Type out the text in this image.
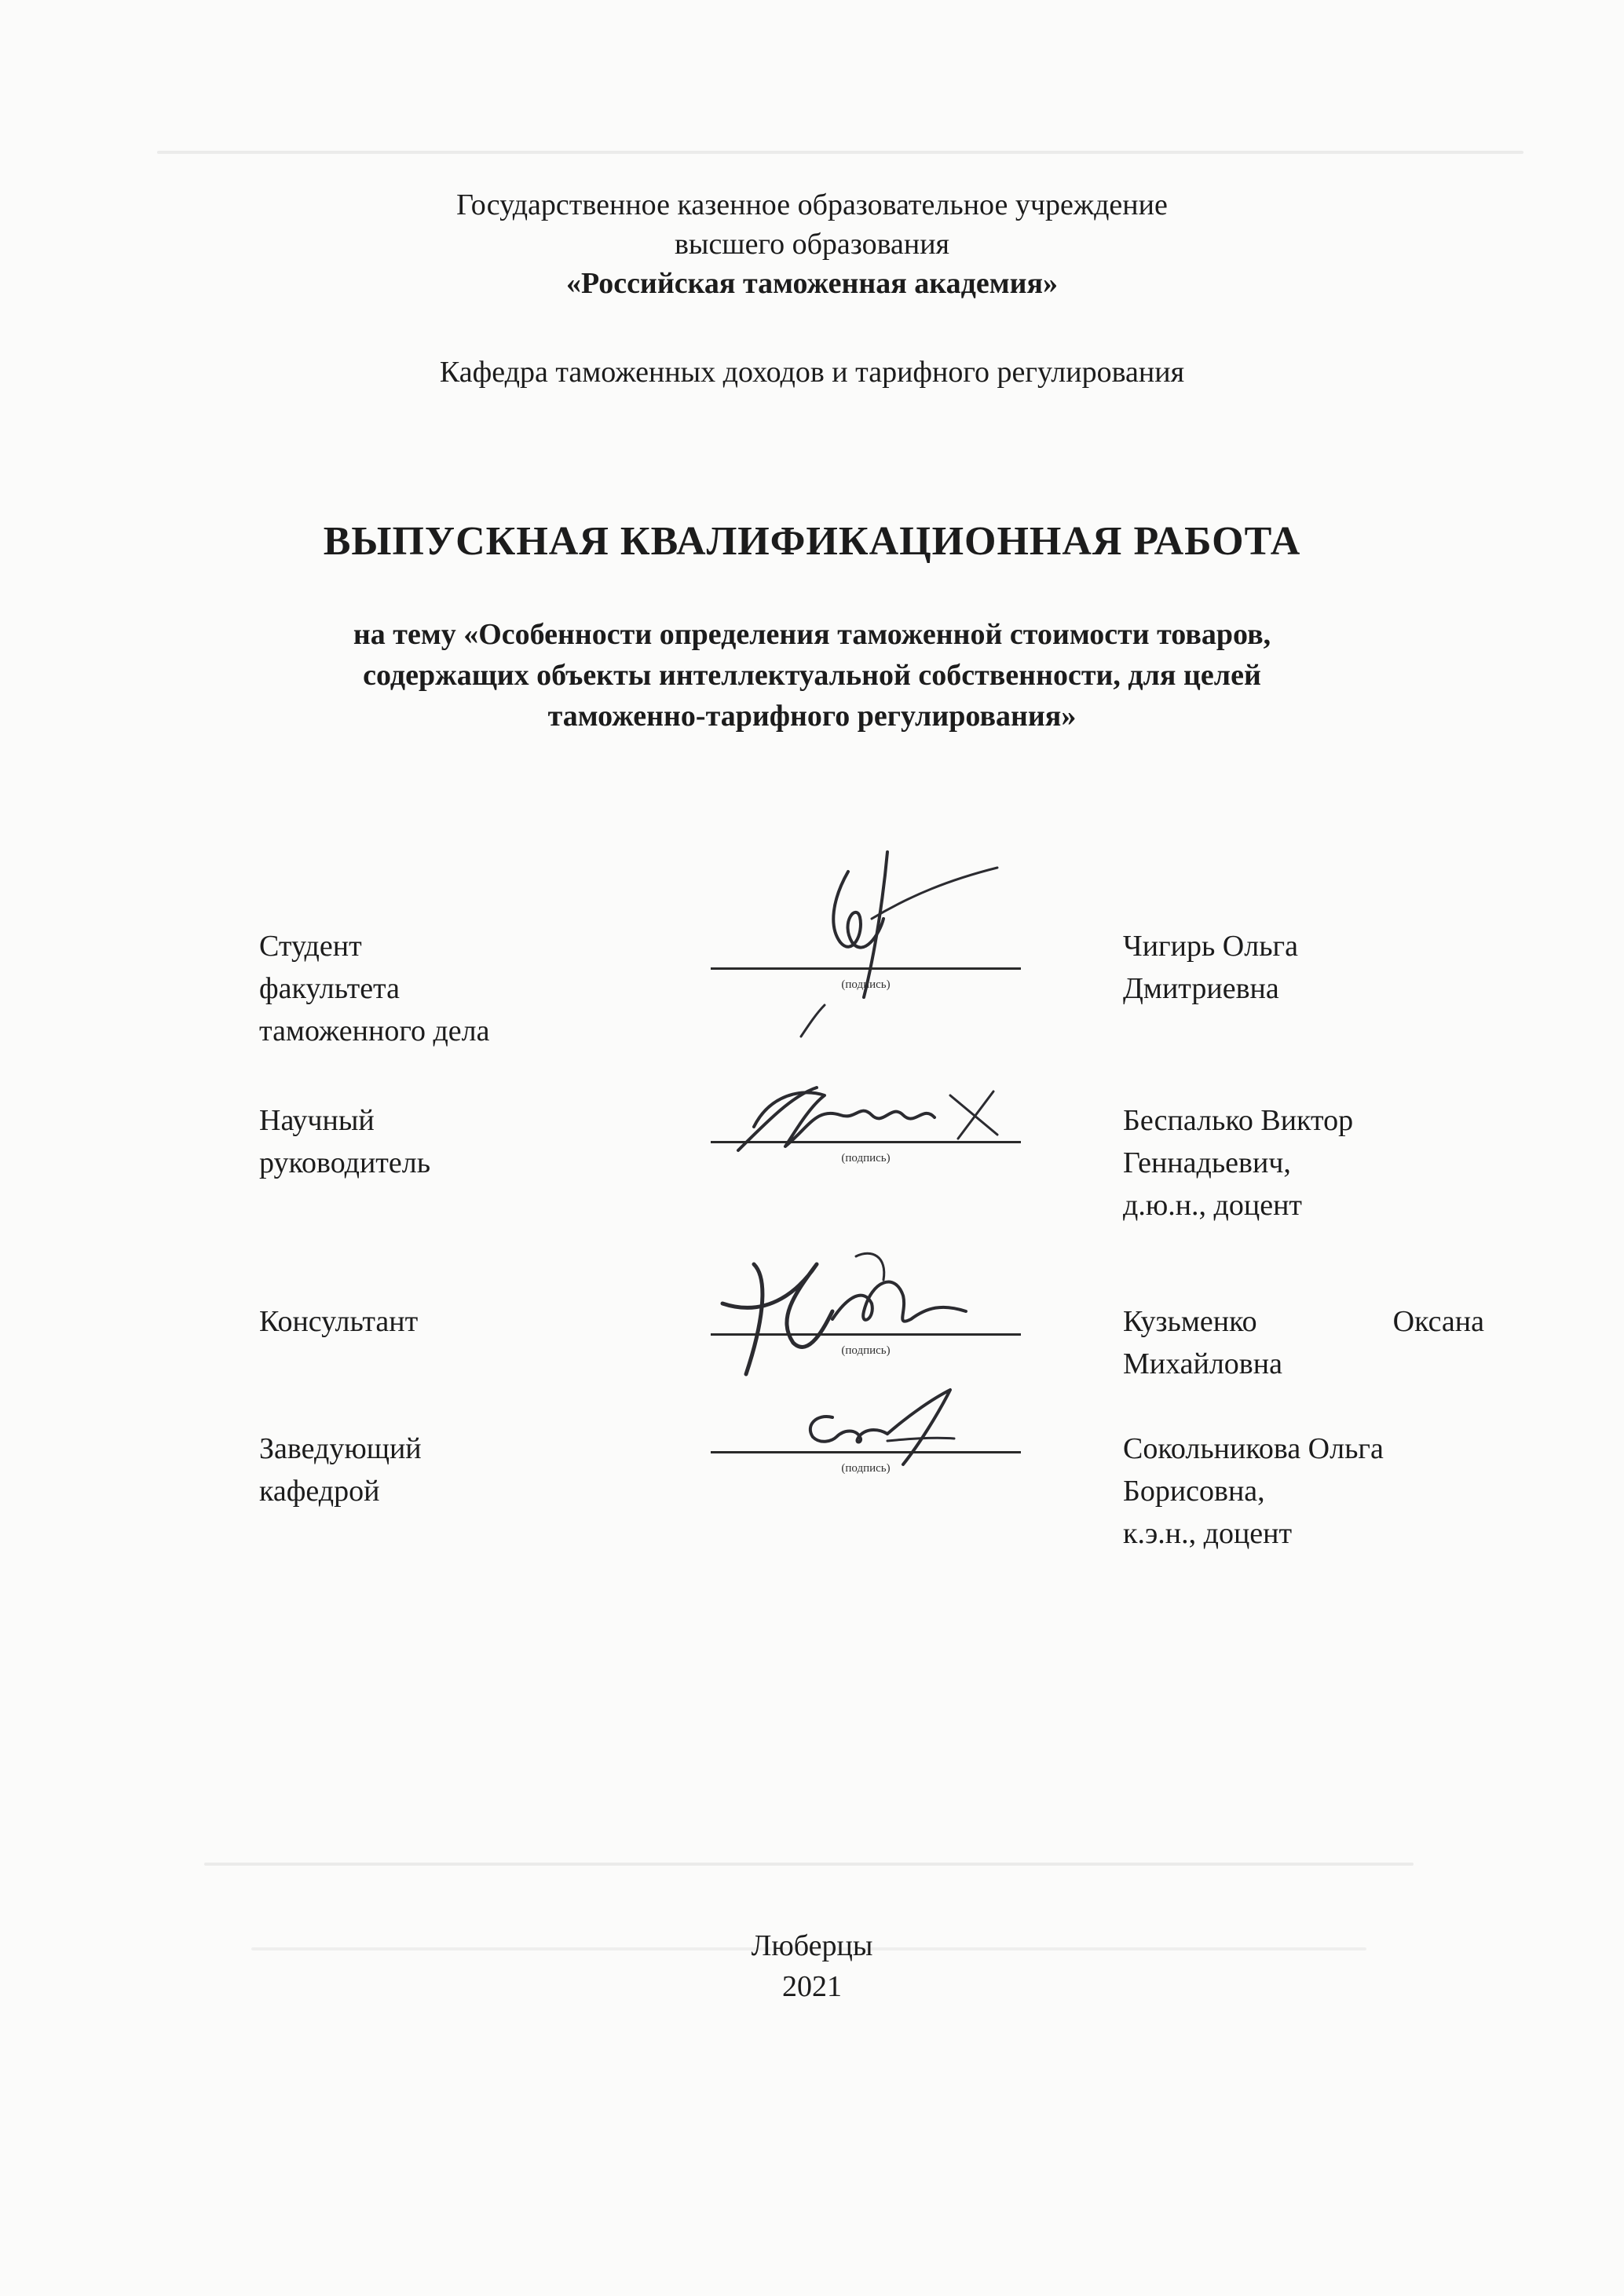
Государственное казенное образовательное учреждение
высшего образования
«Российская таможенная академия»
Кафедра таможенных доходов и тарифного регулирования
ВЫПУСКНАЯ КВАЛИФИКАЦИОННАЯ РАБОТА

на тему «Особенности определения таможенной стоимости товаров,

содержащих объекты интеллектуальной собственности, для целей

таможенно-тарифного регулирования»

Студент

факультета

таможенного дела

(подпись)

Чигирь Ольга

Дмитриевна

Научный

руководитель	(подпись)

Беспалько Виктор

Геннадьевич,

д.ю.н., доцент

Консультант

(подпись)
Кузьменко	Оксана

Михайловна

Заведующий

кафедрой

(подпись)

Сокольникова Ольга

Борисовна,

к.э.н., доцент

Люберцы

2021
